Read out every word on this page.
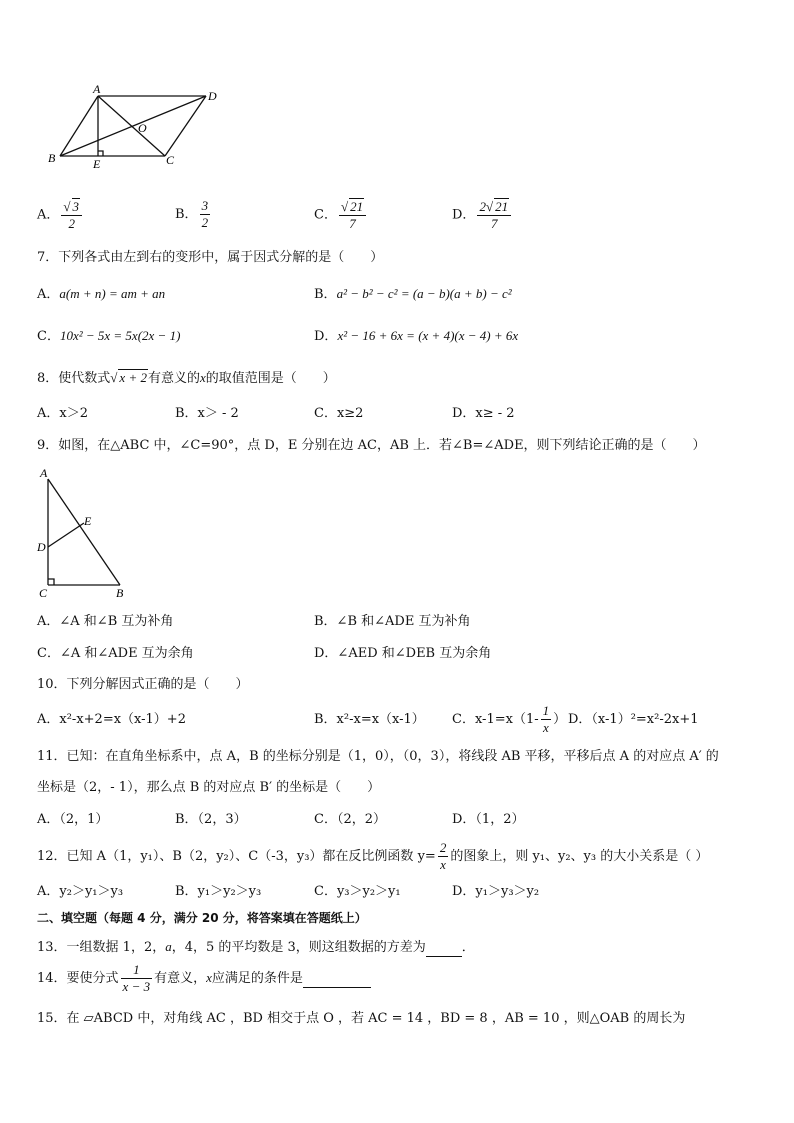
A	D
O
B	E	C
A． $\frac{√ 3}{2}$	B． $\frac{3}{2}$	C． $\frac{√ 21}{7}$	D． $\frac{2√ 21}{7}$
7．下列各式由左到右的变形中，属于因式分解的是（　　）
A．a(m + n) = am + an	B．a² − b² − c² = (a − b)(a + b) − c²
C．10x² − 5x = 5x(2x − 1)	D．x² − 16 + 6x = (x + 4)(x − 4) + 6x
8．使代数式√ x + 2有意义的x的取值范围是（　　）
A．x＞2	B．x＞ - 2	C．x≥2	D．x≥ - 2
9．如图，在△ABC 中，∠C=90°，点 D，E 分别在边 AC，AB 上．若∠B=∠ADE，则下列结论正确的是（　　）
A
E
D
C	B
A．∠A 和∠B 互为补角	B．∠B 和∠ADE 互为补角
C．∠A 和∠ADE 互为余角	D．∠AED 和∠DEB 互为余角
10．下列分解因式正确的是（　　）
A．x²-x+2=x（x-1）+2	B．x²-x=x（x-1） C．$x-1=x(1- \frac{1}{x}$ ） D．（x-1）²=x²-2x+1
11．已知：在直角坐标系中，点 A，B 的坐标分别是（1，0），（0，3），将线段 AB 平移，平移后点 A 的对应点 A′ 的
坐标是（2，- 1），那么点 B 的对应点 B′ 的坐标是（　　）
A．（2，1）	B．（2，3）	C．（2，2）	D．（1，2）
12．已知 A（1，y₁）、B（2，y₂）、C（-3，y₃）都在反比例函数 $y= \frac{2}{x}$ 的图象上，则 y₁、y₂、y₃ 的大小关系是（ ）
A．y₂＞y₁＞y₃	B．y₁＞y₂＞y₃	C．y₃＞y₂＞y₁	D．y₁＞y₃＞y₂
二、填空题（每题 4 分，满分 20 分，将答案填在答题纸上）
13．一组数据 1，2，a，4，5 的平均数是 3，则这组数据的方差为	．
14．要使分式 $\frac{1}{x - 3}$ 有意义，x应满足的条件是
15．在 ▱ABCD 中，对角线 AC ，BD 相交于点 O ，若 AC = 14 ，BD = 8 ，AB = 10 ，则△OAB 的周长为
